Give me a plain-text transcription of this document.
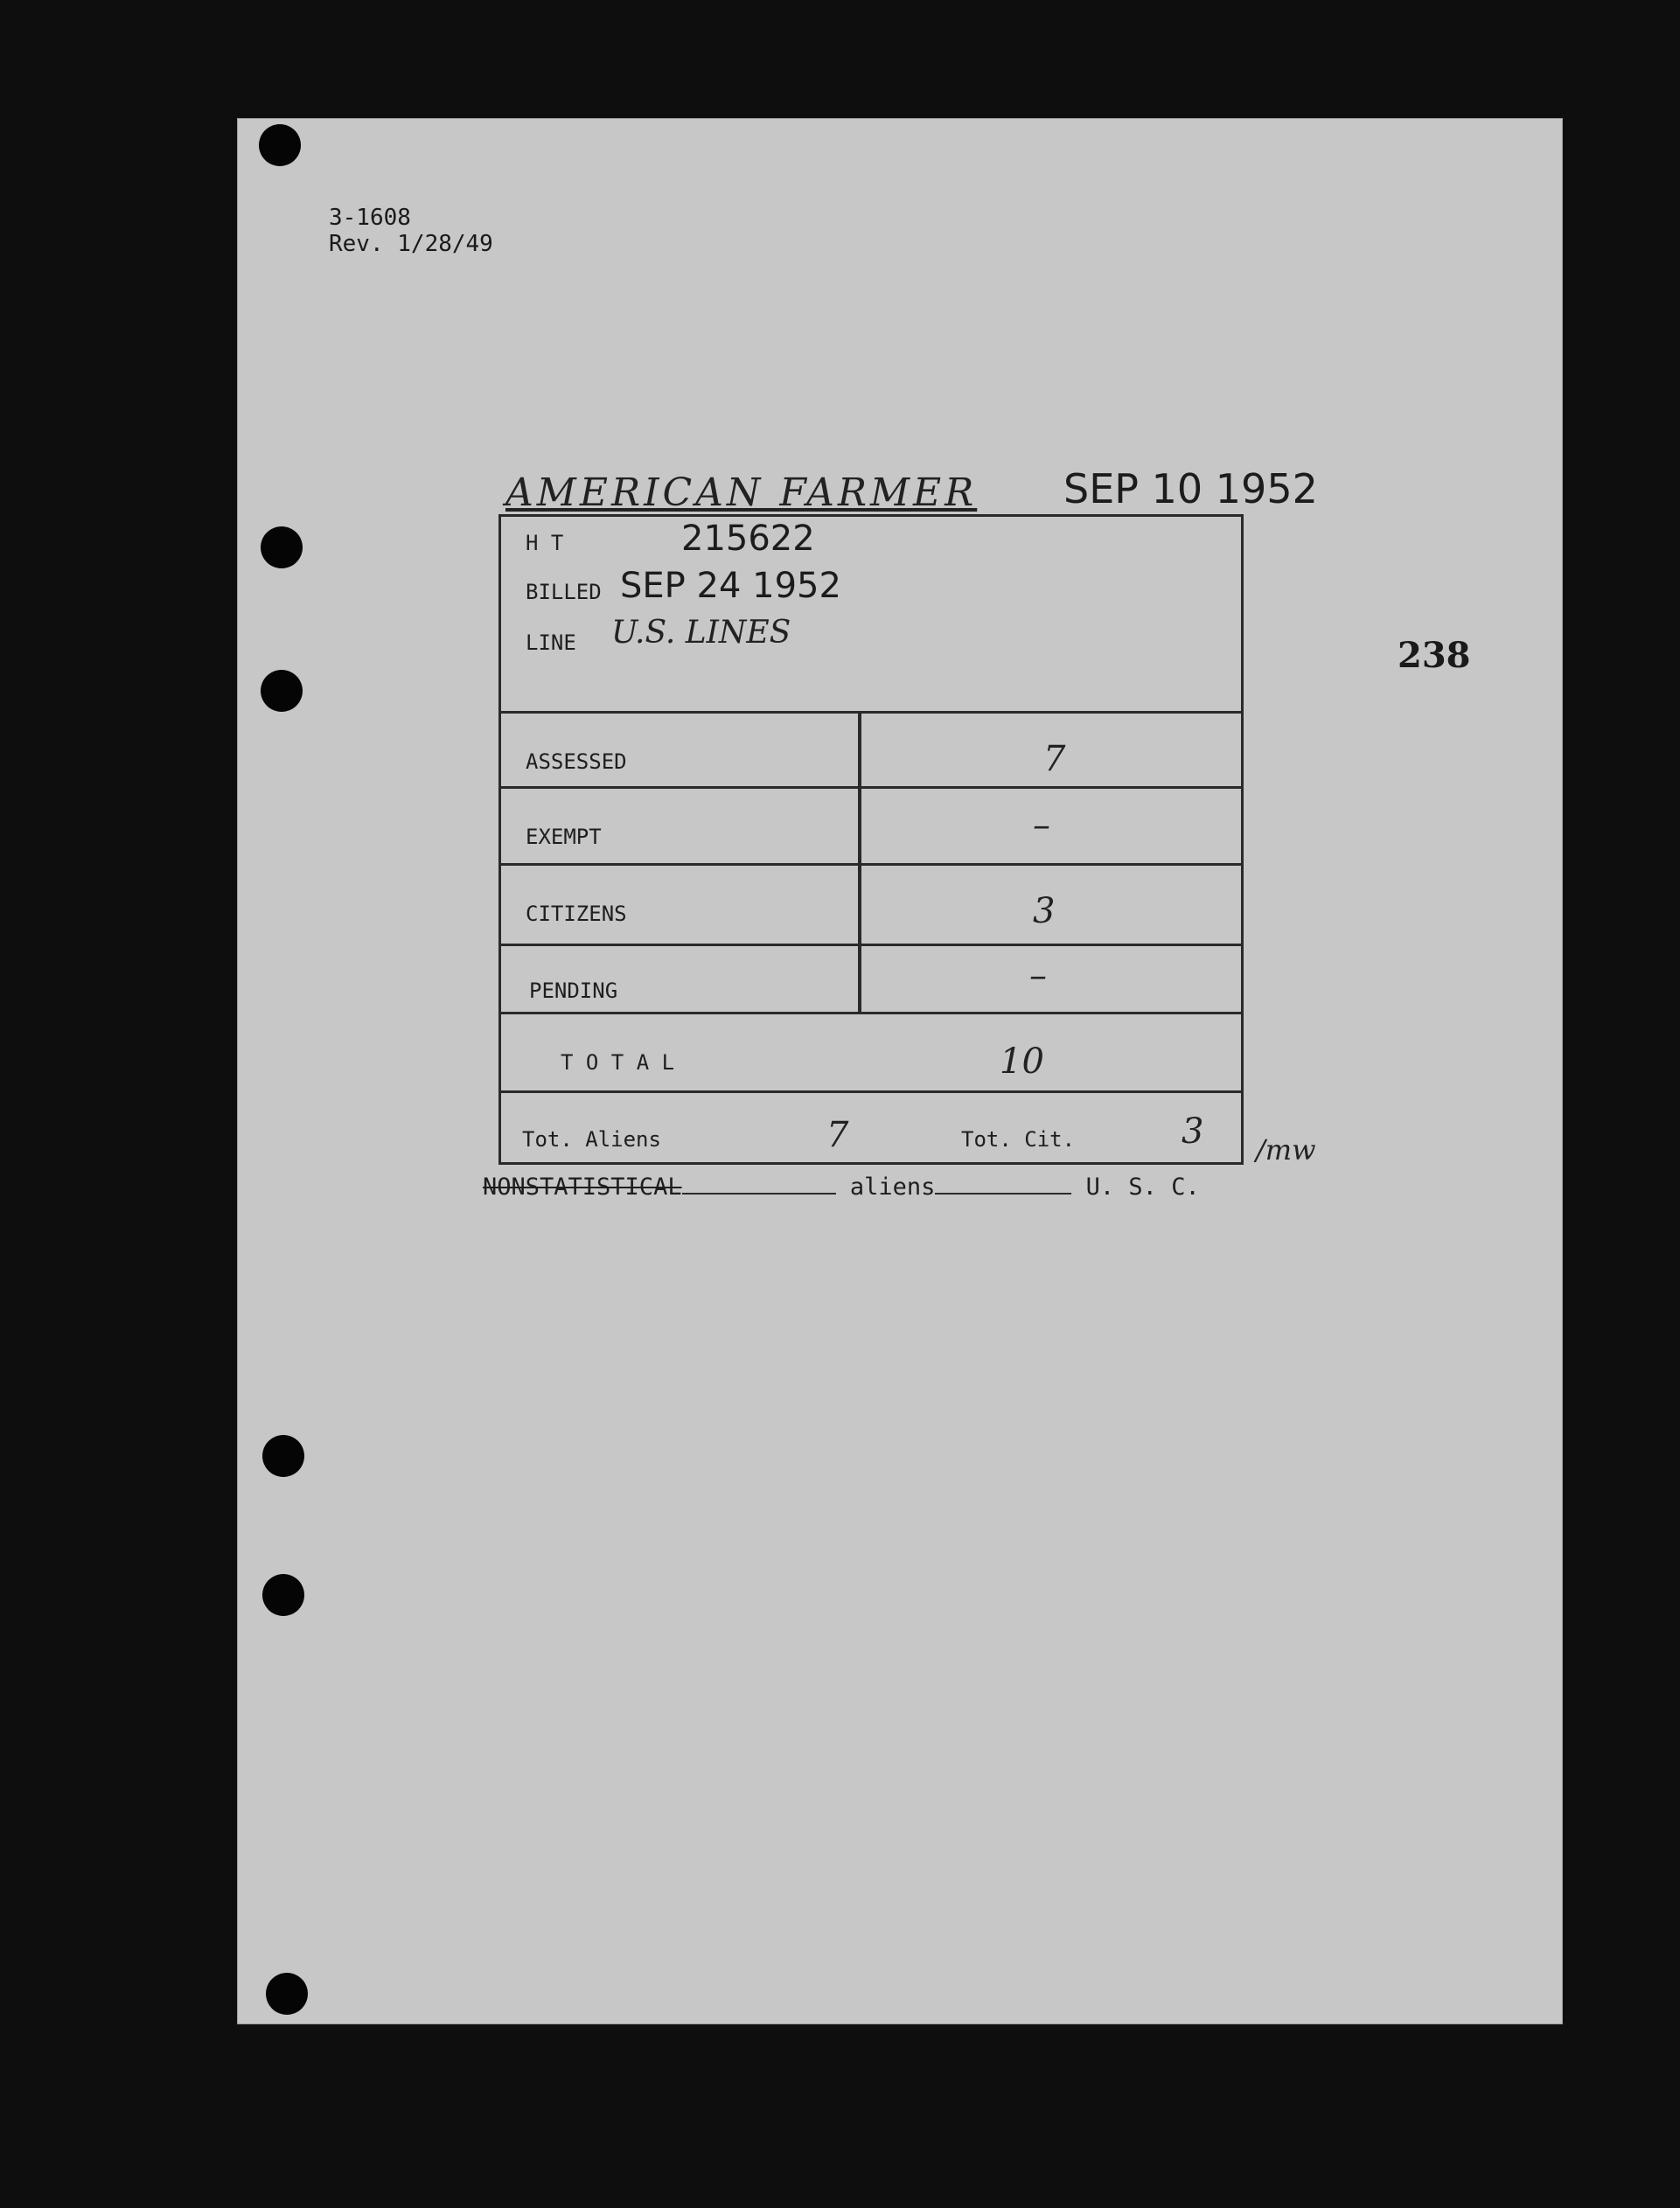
3-1608
Rev. 1/28/49
AMERICAN FARMER SEP 10 1952
238
H T	215622
BILLED SEP 24 1952
LINE U.S. LINES
ASSESSED	7
EXEMPT	–
CITIZENS	3
PENDING	–
T O T A L	10
Tot. Aliens	7	Tot. Cit.	3 /mw
NONSTATISTICAL	aliens	U. S. C.
